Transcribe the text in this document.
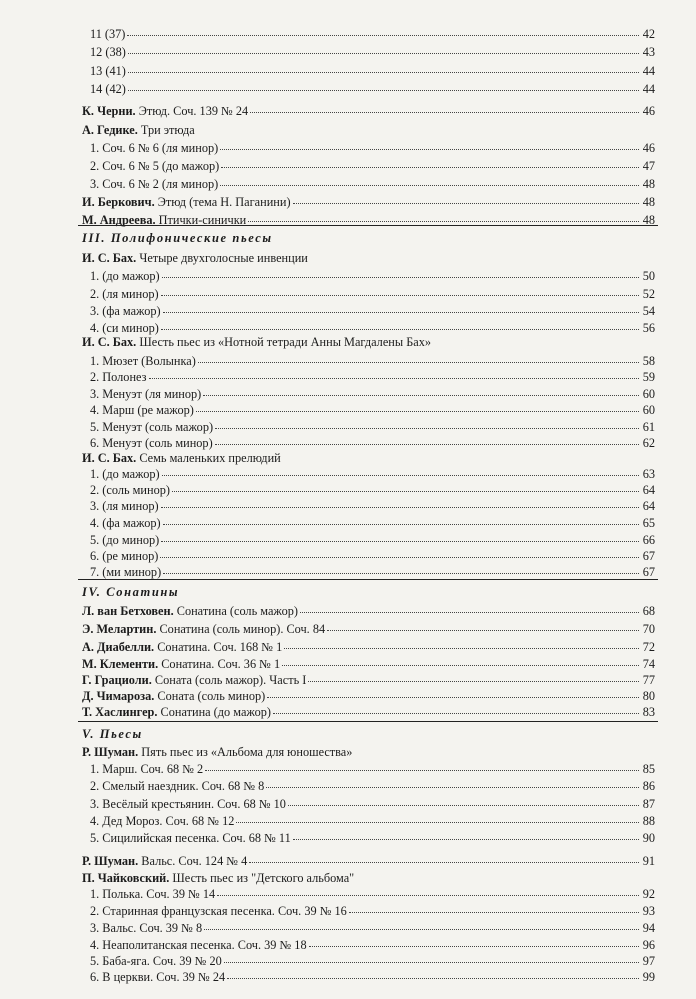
11 (37)	42
12 (38)	43
13 (41)	44
14 (42)	44
К. Черни. Этюд. Соч. 139 № 24	46
А. Гедике. Три этюда
1. Соч. 6 № 6 (ля минор)	46
2. Соч. 6 № 5 (до мажор)	47
3. Соч. 6 № 2 (ля минор)	48
И. Беркович. Этюд (тема Н. Паганини)	48
М. Андреева. Птички-синички	48
III. Полифонические пьесы
И. С. Бах. Четыре двухголосные инвенции
1. (до мажор)	50
2. (ля минор)	52
3. (фа мажор)	54
4. (си минор)	56
И. С. Бах. Шесть пьес из «Нотной тетради Анны Магдалены Бах»
1. Мюзет (Волынка)	58
2. Полонез	59
3. Менуэт (ля минор)	60
4. Марш (ре мажор)	60
5. Менуэт (соль мажор)	61
6. Менуэт (соль минор)	62
И. С. Бах. Семь маленьких прелюдий
1. (до мажор)	63
2. (соль минор)	64
3. (ля минор)	64
4. (фа мажор)	65
5. (до минор)	66
6. (ре минор)	67
7. (ми минор)	67
IV. Сонатины
Л. ван Бетховен. Сонатина (соль мажор)	68
Э. Мелартин. Сонатина (соль минор). Соч. 84	70
А. Диабелли. Сонатина. Соч. 168 № 1	72
М. Клементи. Сонатина. Соч. 36 № 1	74
Г. Грациоли. Соната (соль мажор). Часть I	77
Д. Чимароза. Соната (соль минор)	80
Т. Хаслингер. Сонатина (до мажор)	83
V. Пьесы
Р. Шуман. Пять пьес из «Альбома для юношества»
1. Марш. Соч. 68 № 2	85
2. Смелый наездник. Соч. 68 № 8	86
3. Весёлый крестьянин. Соч. 68 № 10	87
4. Дед Мороз. Соч. 68 № 12	88
5. Сицилийская песенка. Соч. 68 № 11	90
Р. Шуман. Вальс. Соч. 124 № 4	91
П. Чайковский. Шесть пьес из "Детского альбома"
1. Полька. Соч. 39 № 14	92
2. Старинная французская песенка. Соч. 39 № 16	93
3. Вальс. Соч. 39 № 8	94
4. Неаполитанская песенка. Соч. 39 № 18	96
5. Баба-яга. Соч. 39 № 20	97
6. В церкви. Соч. 39 № 24	99
